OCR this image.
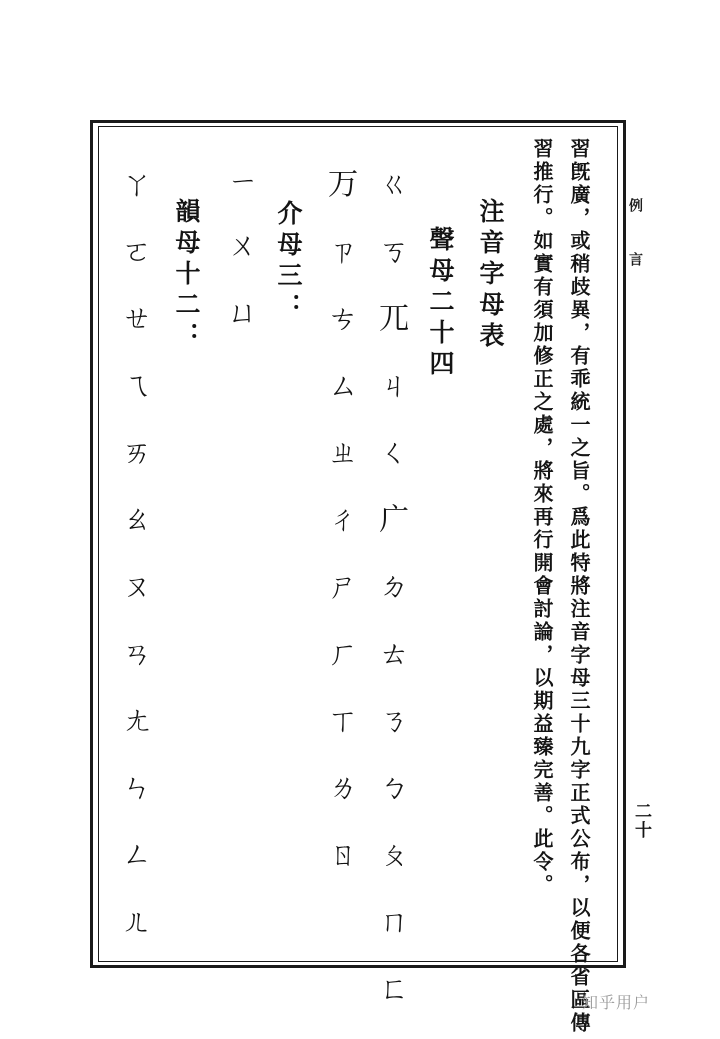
例言
二十
習旣廣，或稍歧異，有乖統一之旨。爲此特將注音字母三十九字正式公布，以便各省區傳
習推行。如實有須加修正之處，將來再行開會討論，以期益臻完善。此令。
注音字母表
聲母二十四
ㄍㄎㄫㄐㄑㄬㄉㄊㄋㄅㄆㄇㄈ
ㄪㄗㄘㄙㄓㄔㄕㄏㄒㄌㄖ
介母三：
ㄧㄨㄩ
韻母十二：
ㄚㄛㄝㄟㄞㄠㄡㄢㄤㄣㄥㄦ
知乎用户
